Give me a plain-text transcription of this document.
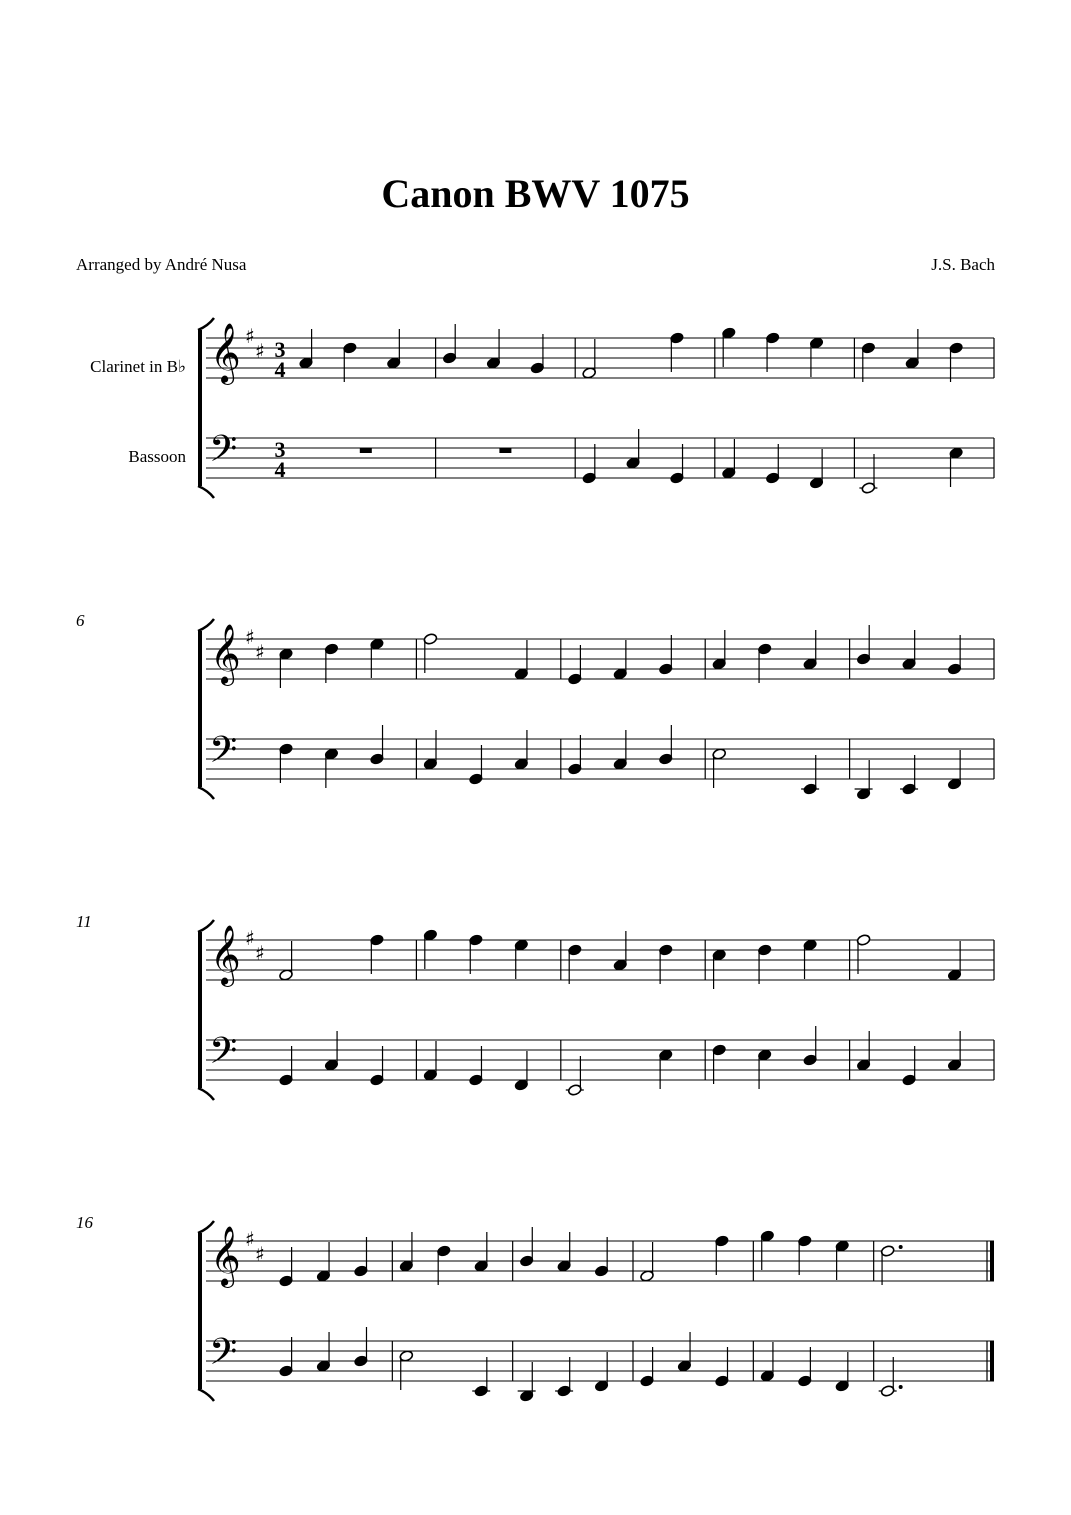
Canon BWV 1075
Arranged by André Nusa	J.S. Bach
𝄞
𝄢
♯
♯ 3
4
3
4
Clarinet in B♭
Bassoon
𝄞
𝄢
♯
♯
6
𝄞
𝄢
♯
♯
11
𝄞
𝄢
♯
♯
16
